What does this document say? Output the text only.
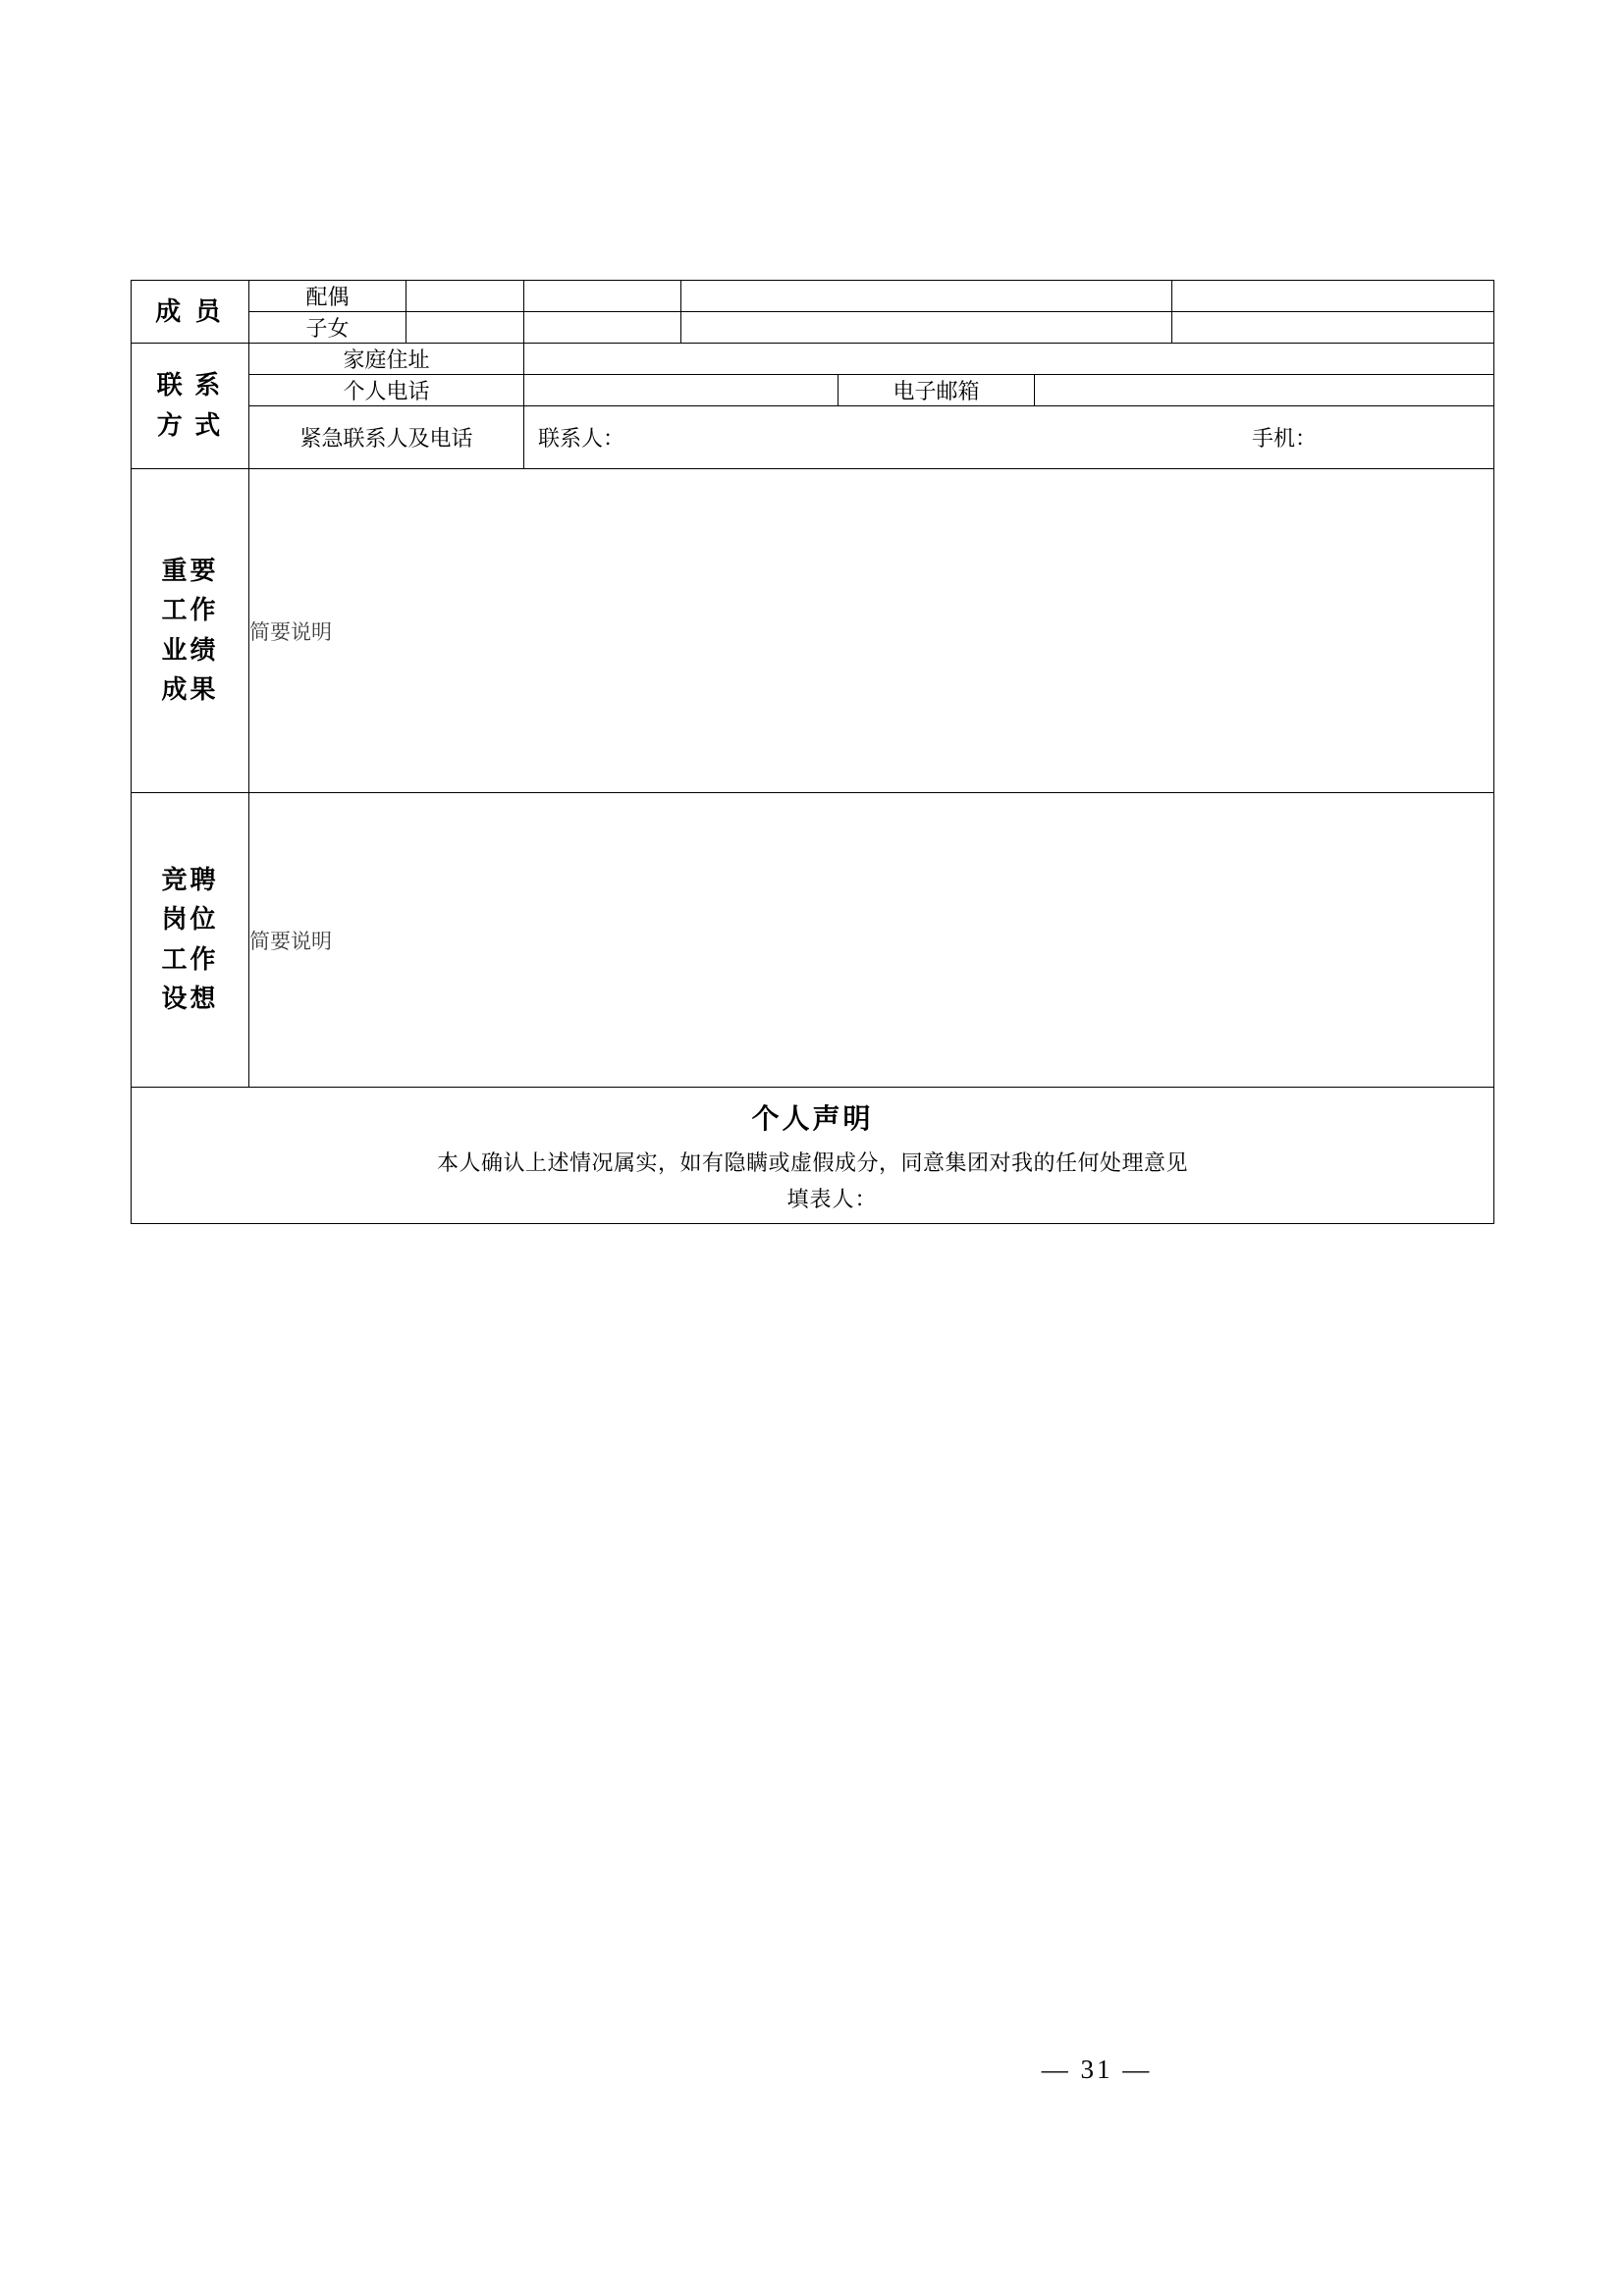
成 员	配偶						
	子女						

联 系
方 式	家庭住址						
	个人电话				电子邮箱		
	紧急联系人及电话		联系人： 手机：				

重要
工作
业绩
成果	简要说明						

竞聘
岗位
工作
设想	简要说明						

个人声明
本人确认上述情况属实，如有隐瞒或虚假成分，同意集团对我的任何处理意见
填表人：							
— 31 —
